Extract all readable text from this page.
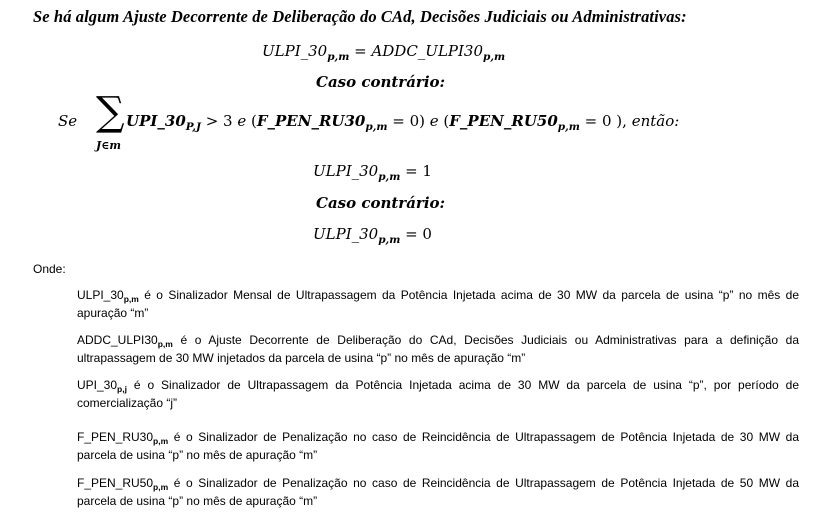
Se há algum Ajuste Decorrente de Deliberação do CAd, Decisões Judiciais ou Administrativas:
$ULPI\_30_{p,m}$ = $ADDC\_ULPI30_{p,m}$
Caso contrário:
Se ∑
J∈m
$UPI\_30_{P,J} > 3$ e $(F\_PEN\_RU30_{p,m} = 0)$ e ($F\_PEN\_RU50_{p,m} = 0$ ), então:
$ULPI\_30_{p,m} = 1$
Caso contrário:
$ULPI\_30_{p,m} = 0$
Onde:
$ULPI\_30_{p,m}$ é o Sinalizador Mensal de Ultrapassagem da Potência Injetada acima de 30 MW da parcela de usina “p” no mês de apuração “m”
$ADDC\_ULPI30_{p,m}$ é o Ajuste Decorrente de Deliberação do CAd, Decisões Judiciais ou Administrativas para a definição da ultrapassagem de 30 MW injetados da parcela de usina “p” no mês de apuração “m”
$UPI\_30_{p,j}$ é o Sinalizador de Ultrapassagem da Potência Injetada acima de 30 MW da parcela de usina “p”, por período de comercialização “j”
$F\_PEN\_RU30_{p,m}$ é o Sinalizador de Penalização no caso de Reincidência de Ultrapassagem de Potência Injetada de 30 MW da parcela de usina “p” no mês de apuração “m”
$F\_PEN\_RU50_{p,m}$ é o Sinalizador de Penalização no caso de Reincidência de Ultrapassagem de Potência Injetada de 50 MW da parcela de usina “p” no mês de apuração “m”
